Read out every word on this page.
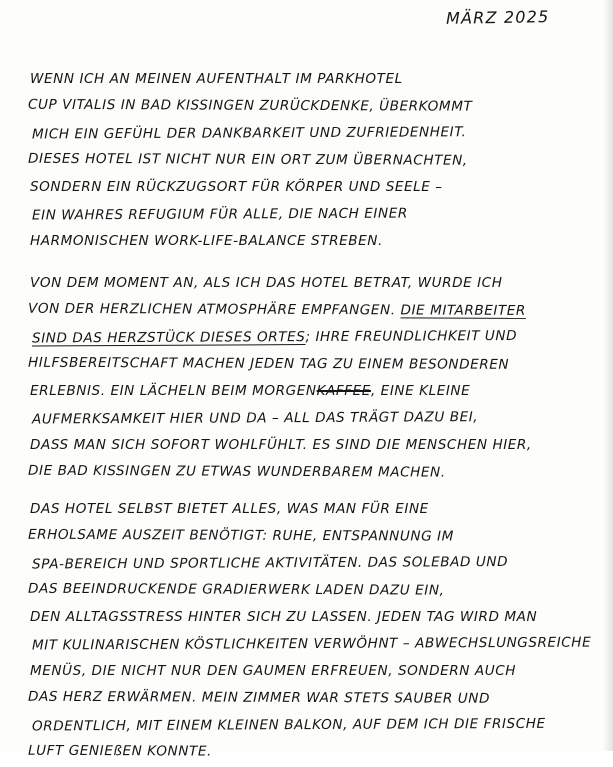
MÄRZ 2025
WENN ICH AN MEINEN AUFENTHALT IM PARKHOTEL
CUP VITALIS IN BAD KISSINGEN ZURÜCKDENKE, ÜBERKOMMT
MICH EIN GEFÜHL DER DANKBARKEIT UND ZUFRIEDENHEIT.
DIESES HOTEL IST NICHT NUR EIN ORT ZUM ÜBERNACHTEN,
SONDERN EIN RÜCKZUGSORT FÜR KÖRPER UND SEELE –
EIN WAHRES REFUGIUM FÜR ALLE, DIE NACH EINER
HARMONISCHEN WORK-LIFE-BALANCE STREBEN.
VON DEM MOMENT AN, ALS ICH DAS HOTEL BETRAT, WURDE ICH
VON DER HERZLICHEN ATMOSPHÄRE EMPFANGEN. DIE MITARBEITER
SIND DAS HERZSTÜCK DIESES ORTES; IHRE FREUNDLICHKEIT UND
HILFSBEREITSCHAFT MACHEN JEDEN TAG ZU EINEM BESONDEREN
ERLEBNIS. EIN LÄCHELN BEIM MORGENKAFFEE, EINE KLEINE
AUFMERKSAMKEIT HIER UND DA – ALL DAS TRÄGT DAZU BEI,
DASS MAN SICH SOFORT WOHLFÜHLT. ES SIND DIE MENSCHEN HIER,
DIE BAD KISSINGEN ZU ETWAS WUNDERBAREM MACHEN.
DAS HOTEL SELBST BIETET ALLES, WAS MAN FÜR EINE
ERHOLSAME AUSZEIT BENÖTIGT: RUHE, ENTSPANNUNG IM
SPA-BEREICH UND SPORTLICHE AKTIVITÄTEN. DAS SOLEBAD UND
DAS BEEINDRUCKENDE GRADIERWERK LADEN DAZU EIN,
DEN ALLTAGSSTRESS HINTER SICH ZU LASSEN. JEDEN TAG WIRD MAN
MIT KULINARISCHEN KÖSTLICHKEITEN VERWÖHNT – ABWECHSLUNGSREICHE
MENÜS, DIE NICHT NUR DEN GAUMEN ERFREUEN, SONDERN AUCH
DAS HERZ ERWÄRMEN. MEIN ZIMMER WAR STETS SAUBER UND
ORDENTLICH, MIT EINEM KLEINEN BALKON, AUF DEM ICH DIE FRISCHE
LUFT GENIEßEN KONNTE.
